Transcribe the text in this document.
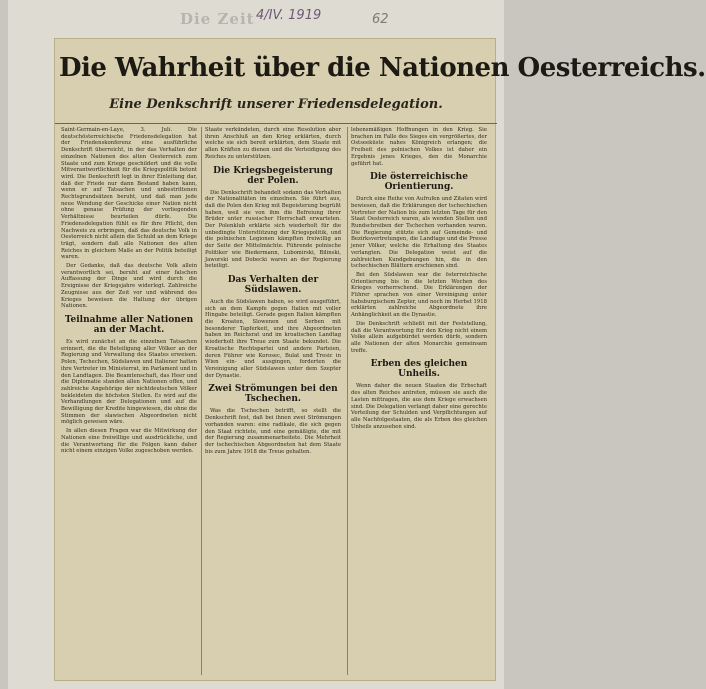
Die Zeit 4/IV. 1919	62
Die Wahrheit über die Nationen Oesterreichs.
Eine Denkschrift unserer Friedensdelegation.

Saint-Germain-en-Laye, 3. Juli. Die deutschösterreichische Friedensdelegation hat der Friedenskonferenz eine ausführliche Denkschrift überreicht, in der das Verhalten der einzelnen Nationen des alten Oesterreich zum Staate und zum Kriege geschildert und die volle Mitverantwortlichkeit für die Kriegspolitik betont wird. Die Denkschrift legt in ihrer Einleitung dar, daß der Friede nur dann Bestand haben kann, wenn er auf Tatsachen und unbestrittenen Rechtsgrundsätzen beruht, und daß man jede neue Wendung der Geschicke einer Nation nicht ohne genaue Prüfung der vorliegenden Verhältnisse beurteilen dürfe. Die Friedensdelegation fühlt es für ihre Pflicht, den Nachweis zu erbringen, daß das deutsche Volk in Oesterreich nicht allein die Schuld an dem Kriege trägt, sondern daß alle Nationen des alten Reiches in gleichem Maße an der Politik beteiligt waren.

Der Gedanke, daß das deutsche Volk allein verantwortlich sei, beruht auf einer falschen Auffassung der Dinge und wird durch die Ereignisse der Kriegsjahre widerlegt. Zahlreiche Zeugnisse aus der Zeit vor und während des Krieges beweisen die Haltung der übrigen Nationen.

Teilnahme aller Nationen an der Macht.

Es wird zunächst an die einzelnen Tatsachen erinnert, die die Beteiligung aller Völker an der Regierung und Verwaltung des Staates erweisen. Polen, Tschechen, Südslawen und Italiener hatten ihre Vertreter im Ministerrat, im Parlament und in den Landtagen. Die Beamtenschaft, das Heer und die Diplomatie standen allen Nationen offen, und zahlreiche Angehörige der nichtdeutschen Völker bekleideten die höchsten Stellen. Es wird auf die Verhandlungen der Delegationen und auf die Bewilligung der Kredite hingewiesen, die ohne die Stimmen der slawischen Abgeordneten nicht möglich gewesen wäre.

In allen diesen Fragen war die Mitwirkung der Nationen eine freiwillige und ausdrückliche, und die Verantwortung für die Folgen kann daher nicht einem einzigen Volke zugeschoben werden.

Staate verkündeten, durch eine Resolution aber ihren Anschluß an den Krieg erklärten, durch welche sie sich bereit erklärten, dem Staate mit allen Kräften zu dienen und die Verteidigung des Reiches zu unterstützen.

Die Kriegsbegeisterung der Polen.

Die Denkschrift behandelt sodann das Verhalten der Nationalitäten im einzelnen. Sie führt aus, daß die Polen den Krieg mit Begeisterung begrüßt haben, weil sie von ihm die Befreiung ihrer Brüder unter russischer Herrschaft erwarteten. Der Polenklub erklärte sich wiederholt für die unbedingte Unterstützung der Kriegspolitik, und die polnischen Legionen kämpften freiwillig an der Seite der Mittelmächte. Führende polnische Politiker wie Biedermann, Lubomirski, Bilinski, Jaworski und Dobecki waren an der Regierung beteiligt.

Das Verhalten der Südslawen.

Auch die Südslawen haben, so wird ausgeführt, sich an dem Kampfe gegen Italien mit voller Hingabe beteiligt. Gerade gegen Italien kämpften die Kroaten, Slowenen und Serben mit besonderer Tapferkeit, und ihre Abgeordneten haben im Reichsrat und im kroatischen Landtag wiederholt ihre Treue zum Staate bekundet. Die Kroatische Rechtspartei und andere Parteien, deren Führer wie Korosec, Bulat und Tresic in Wien ein- und ausgingen, forderten die Vereinigung aller Südslawen unter dem Szepter der Dynastie.

Zwei Strömungen bei den Tschechen.

Was die Tschechen betrifft, so stellt die Denkschrift fest, daß bei ihnen zwei Strömungen vorhanden waren: eine radikale, die sich gegen den Staat richtete, und eine gemäßigte, die mit der Regierung zusammenarbeitete. Die Mehrheit der tschechischen Abgeordneten hat dem Staate bis zum Jahre 1918 die Treue gehalten.

lebensmäßigen Hoffnungen in den Krieg. Sie brachen im Falle des Sieges ein vergrößertes, der Ostseeküste nahes Königreich erlangen; die Freiheit des polnischen Volkes ist daher ein Ergebnis jenes Krieges, den die Monarchie geführt hat.

Die österreichische Orientierung.

Durch eine Reihe von Aufrufen und Zitaten wird bewiesen, daß die Erklärungen der tschechischen Vertreter der Nation bis zum letzten Tage für den Staat Oesterreich waren, als wenden Stellen und Rundschreiben der Tschechen vorhanden waren. Die Regierung stützte sich auf Gemeinde- und Bezirksvertretungen, die Landtage und die Presse jener Völker, welche die Erhaltung des Staates verlangten. Die Delegation weist auf die zahlreichen Kundgebungen hin, die in den tschechischen Blättern erschienen sind.

Bei den Südslawen war die österreichische Orientierung bis in die letzten Wochen des Krieges vorherrschend. Die Erklärungen der Führer sprachen von einer Vereinigung unter habsburgischem Zepter, und noch im Herbst 1918 erklärten zahlreiche Abgeordnete ihre Anhänglichkeit an die Dynastie.

Die Denkschrift schließt mit der Feststellung, daß die Verantwortung für den Krieg nicht einem Volke allein aufgebürdet werden dürfe, sondern alle Nationen der alten Monarchie gemeinsam treffe.

Erben des gleichen Unheils.

Wenn daher die neuen Staaten die Erbschaft des alten Reiches antreten, müssen sie auch die Lasten mittragen, die aus dem Kriege erwachsen sind. Die Delegation verlangt daher eine gerechte Verteilung der Schulden und Verpflichtungen auf alle Nachfolgestaaten, die als Erben des gleichen Unheils anzusehen sind.
